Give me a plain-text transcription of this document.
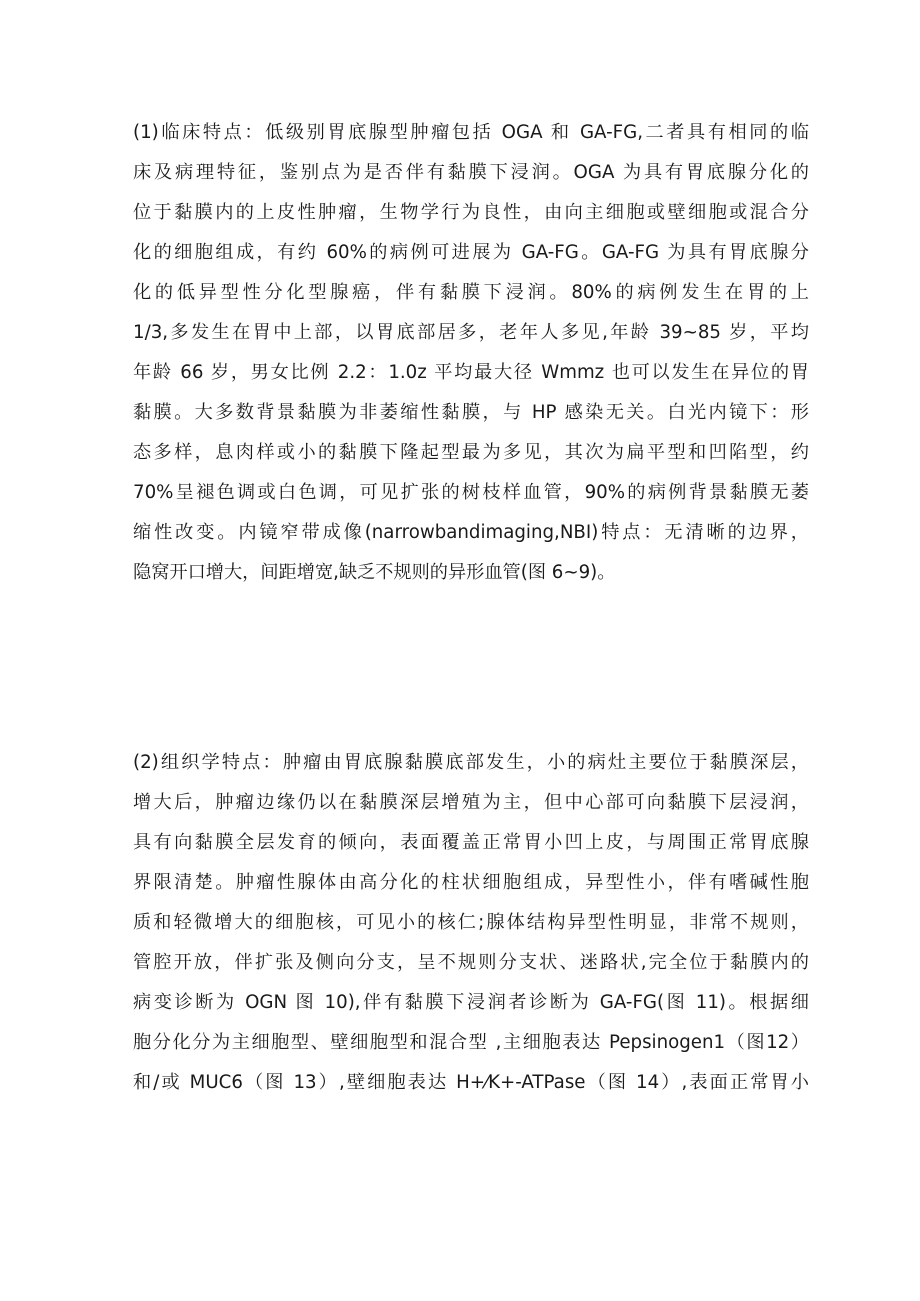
(1)临床特点：低级别胃底腺型肿瘤包括 OGA 和 GA-FG,二者具有相同的临
床及病理特征，鉴别点为是否伴有黏膜下浸润。OGA 为具有胃底腺分化的
位于黏膜内的上皮性肿瘤，生物学行为良性，由向主细胞或壁细胞或混合分
化的细胞组成，有约 60%的病例可进展为 GA-FG。GA-FG 为具有胃底腺分
化的低异型性分化型腺癌，伴有黏膜下浸润。80%的病例发生在胃的上
1/3,多发生在胃中上部，以胃底部居多，老年人多见,年龄 39~85 岁，平均
年龄 66 岁，男女比例 2.2：1.0z 平均最大径 Wmmz 也可以发生在异位的胃
黏膜。大多数背景黏膜为非萎缩性黏膜，与 HP 感染无关。白光内镜下：形
态多样，息肉样或小的黏膜下隆起型最为多见，其次为扁平型和凹陷型，约
70%呈褪色调或白色调，可见扩张的树枝样血管，90%的病例背景黏膜无萎
缩性改变。内镜窄带成像(narrowbandimaging,NBI)特点：无清晰的边界，
隐窝开口增大，间距增宽,缺乏不规则的异形血管(图 6~9)。
(2)组织学特点：肿瘤由胃底腺黏膜底部发生，小的病灶主要位于黏膜深层，
增大后，肿瘤边缘仍以在黏膜深层增殖为主，但中心部可向黏膜下层浸润，
具有向黏膜全层发育的倾向，表面覆盖正常胃小凹上皮，与周围正常胃底腺
界限清楚。肿瘤性腺体由高分化的柱状细胞组成，异型性小，伴有嗜碱性胞
质和轻微增大的细胞核，可见小的核仁;腺体结构异型性明显，非常不规则，
管腔开放，伴扩张及侧向分支，呈不规则分支状、迷路状,完全位于黏膜内的
病变诊断为 OGN 图 10),伴有黏膜下浸润者诊断为 GA-FG(图 11)。根据细
胞分化分为主细胞型、壁细胞型和混合型 ,主细胞表达 Pepsinogen1（图12）
和/或 MUC6（图 13）,壁细胞表达 H+⁄K+-ATPase（图 14）,表面正常胃小
